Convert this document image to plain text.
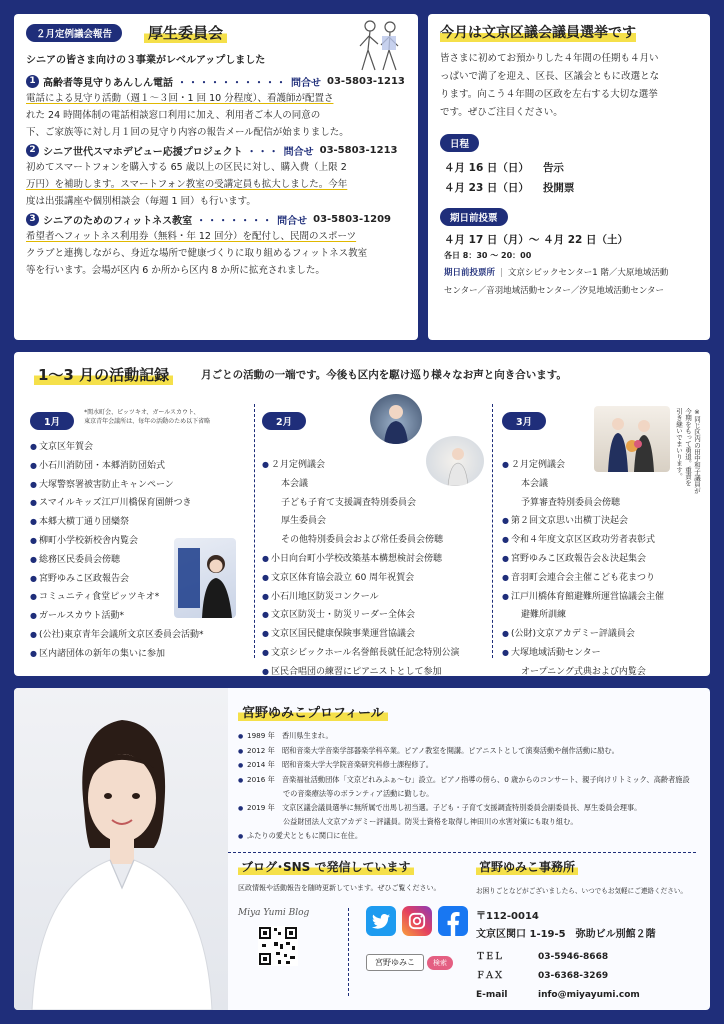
２月定例議会報告	厚生委員会
シニアの皆さま向けの３事業がレベルアップしました
1 高齢者等見守りあんしん電話 ・・・・・・・・・・ 問合せ 03-5803-1213
電話による見守り活動（週１～３回・1 回 10 分程度）、看護師が配置さ
れた 24 時間体制の電話相談窓口利用に加え、利用者ご本人の同意の
下、ご家族等に対し月１回の見守り内容の報告メール配信が始まりました。
2 シニア世代スマホデビュー応援プロジェクト ・・・ 問合せ 03-5803-1213
初めてスマートフォンを購入する 65 歳以上の区民に対し、購入費（上限 2
万円）を補助します。スマートフォン教室の受講定員も拡大しました。今年
度は出張講座や個別相談会（毎週 1 回）も行います。
3 シニアのためのフィットネス教室 ・・・・・・・ 問合せ 03-5803-1209
希望者へフィットネス利用券（無料・年 12 回分）を配付し、民間のスポーツ
クラブと連携しながら、身近な場所で健康づくりに取り組めるフィットネス教室
等を行います。会場が区内 6 か所から区内 8 か所に拡充されました。
今月は文京区議会議員選挙です
皆さまに初めてお預かりした４年間の任期も４月い
っぱいで満了を迎え、区長、区議会ともに改選とな
ります。向こう４年間の区政を左右する大切な選挙
です。ぜひご注目ください。
日程
４月 16 日（日） 告示
４月 23 日（日） 投開票
期日前投票
４月 17 日（月）～ ４月 22 日（土）
各日 8：30 ～ 20：00
期日前投票所 | 文京シビックセンター1 階／大原地域活動
センター／音羽地域活動センター／汐見地域活動センター
1～3 月の活動記録	月ごとの活動の一端です。今後も区内を駆け巡り様々なお声と向き合います。
1月
*関水町会、ピッツキオ、ガールスカウト、
東京青年会議所は、毎年の活動のため以下省略
● 文京区年賀会
● 小石川消防団・本郷消防団始式
● 大塚警察署被害防止キャンペーン
● スマイルキッズ江戸川橋保育園餅つき
● 本郷大横丁通り団欒祭
● 柳町小学校新校舎内覧会
● 総務区民委員会傍聴
● 宮野ゆみこ区政報告会
● コミュニティ食堂ピッツキオ*
● ガールスカウト活動*
● (公社)東京青年会議所文京区委員会活動*
● 区内諸団体の新年の集いに参加
2月
● ２月定例議会
　本会議
　子ども子育て支援調査特別委員会
　厚生委員会
　その他特別委員会および常任委員会傍聴
● 小日向台町小学校改築基本構想検討会傍聴
● 文京区体育協会設立 60 周年祝賀会
● 小石川地区防災コンクール
● 文京区防災士・防災リーダー全体会
● 文京区国民健康保険事業運営協議会
● 文京シビックホール名誉館長就任記念特別公演
● 区民合唱団の練習にピアニストとして参加
3月
● ２月定例議会
　本会議
　予算審査特別委員会傍聴
● 第２回文京思い出横丁決起会
● 令和４年度文京区区政功労者表彰式
● 宮野ゆみこ区政報告会＆決起集会
● 音羽町会連合会主催こども花まつり
● 江戸川橋体育館避難所運営協議会主催
　避難所訓練
● (公財)文京アカデミー評議員会
● 大塚地域活動センター
　オープニング式典および内覧会
※同じ区内の田中和子議員が
今期をもって勇退。重責を
引き継いでまいります。
宮野ゆみこプロフィール
● 1989 年　香川県生まれ。
● 2012 年　昭和音楽大学音楽学部器楽学科卒業。ピアノ教室を開講。ピアニストとして演奏活動や創作活動に励む。
● 2014 年　昭和音楽大学大学院音楽研究科修士課程修了。
● 2016 年　音楽福祉活動団体「文京どれみふぁ～む」設立。ピアノ指導の傍ら、0 歳からのコンサート、親子向けリトミック、高齢者施設
　　　　　での音楽療法等のボランティア活動に勤しむ。
● 2019 年　文京区議会議員選挙に無所属で出馬し初当選。子ども・子育て支援調査特別委員会副委員長、厚生委員会理事。
　　　　　公益財団法人文京アカデミー評議員。防災士資格を取得し神田川の水害対策にも取り組む。
● ふたりの愛犬とともに関口に在住。
ブログ･SNS で発信しています
区政情報や活動報告を随時更新しています。ぜひご覧ください。
Miya Yumi Blog
宮野ゆみこ	検索
宮野ゆみこ事務所
お困りごとなどがございましたら、いつでもお気軽にご連絡ください。
〒112-0014
文京区関口 1-19-5　弥助ビル別館２階
ＴＥＬ	03-5946-8668
ＦＡＸ	03-6368-3269
E-mail	info@miyayumi.com
